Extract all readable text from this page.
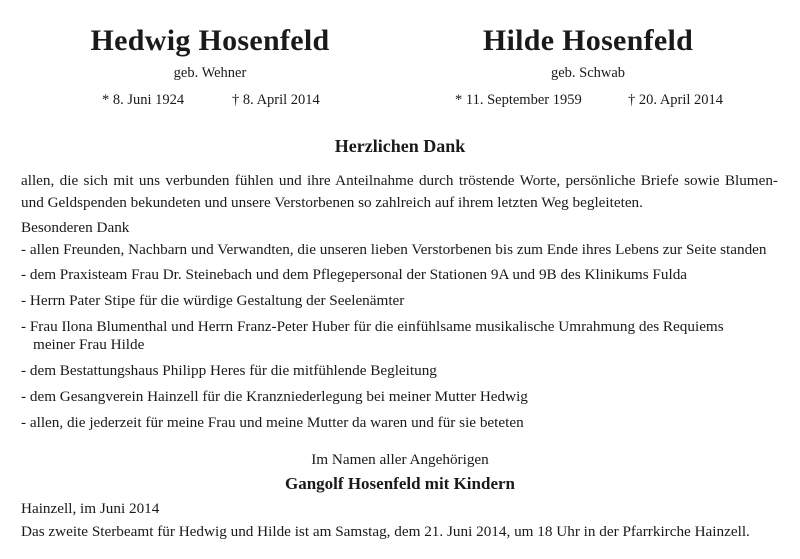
Hedwig Hosenfeld
geb. Wehner
* 8. Juni 1924	† 8. April 2014
Hilde Hosenfeld
geb. Schwab
* 11. September 1959	† 20. April 2014
Herzlichen Dank
allen, die sich mit uns verbunden fühlen und ihre Anteilnahme durch tröstende Worte, persönliche Briefe sowie Blumen- und Geldspenden bekundeten und unsere Verstorbenen so zahlreich auf ihrem letzten Weg begleiteten.
Besonderen Dank
- allen Freunden, Nachbarn und Verwandten, die unseren lieben Verstorbenen bis zum Ende ihres Lebens zur Seite standen
- dem Praxisteam Frau Dr. Steinebach und dem Pflegepersonal der Stationen 9A und 9B des Klinikums Fulda
- Herrn Pater Stipe für die würdige Gestaltung der Seelenämter
- Frau Ilona Blumenthal und Herrn Franz-Peter Huber für die einfühlsame musikalische Umrahmung des Requiems
meiner Frau Hilde
- dem Bestattungshaus Philipp Heres für die mitfühlende Begleitung
- dem Gesangverein Hainzell für die Kranzniederlegung bei meiner Mutter Hedwig
- allen, die jederzeit für meine Frau und meine Mutter da waren und für sie beteten
Im Namen aller Angehörigen
Gangolf Hosenfeld mit Kindern
Hainzell, im Juni 2014
Das zweite Sterbeamt für Hedwig und Hilde ist am Samstag, dem 21. Juni 2014, um 18 Uhr in der Pfarrkirche Hainzell.
